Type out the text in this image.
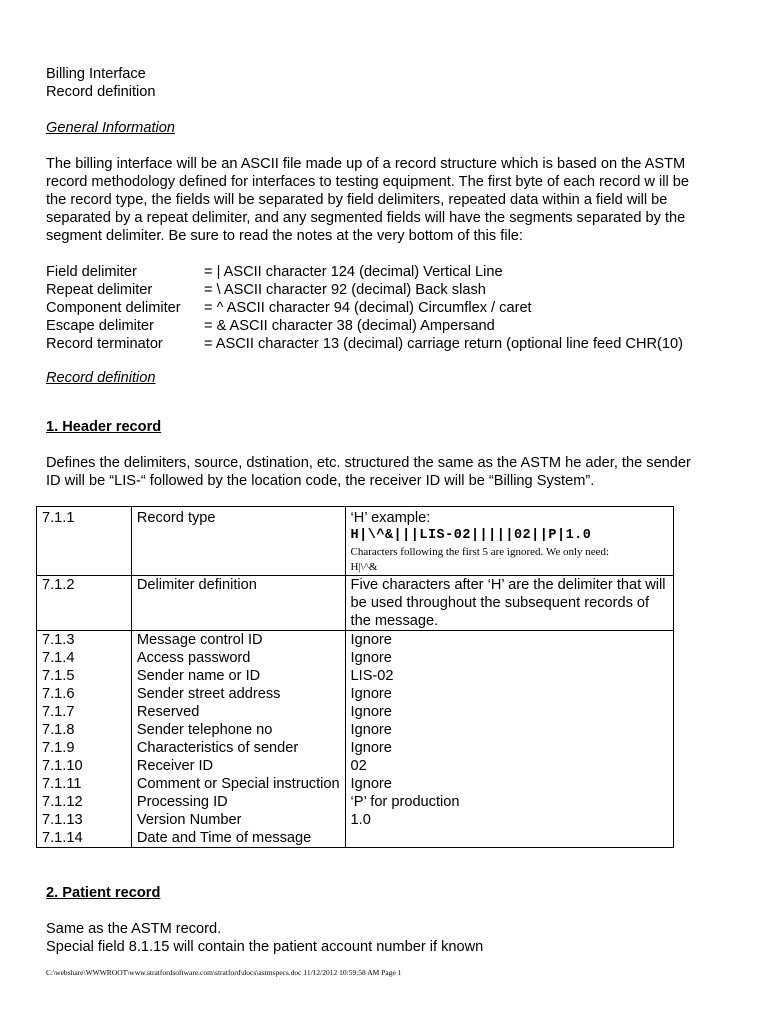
Billing Interface
Record definition
General Information
The billing interface will be an ASCII file made up of a record structure which is based on the ASTM
record methodology defined for interfaces to testing equipment. The first byte of each record w ill be
the record type, the fields will be separated by field delimiters, repeated data within a field will be
separated by a repeat delimiter, and any segmented fields will have the segments separated by the
segment delimiter. Be sure to read the notes at the very bottom of this file:
Field delimiter	= | ASCII character 124 (decimal) Vertical Line
Repeat delimiter	= \ ASCII character 92 (decimal) Back slash
Component delimiter	= ^ ASCII character 94 (decimal) Circumflex / caret
Escape delimiter	= & ASCII character 38 (decimal) Ampersand
Record terminator	= ASCII character 13 (decimal) carriage return (optional line feed CHR(10)
Record definition
1. Header record
Defines the delimiters, source, dstination, etc. structured the same as the ASTM he ader, the sender
ID will be “LIS-“ followed by the location code, the receiver ID will be “Billing System”.
7.1.1	Record type	‘H’ example:
H|\^&|||LIS-02|||||02||P|1.0
Characters following the first 5 are ignored. We only need:
H|\^&

7.1.2	Delimiter definition	Five characters after ‘H’ are the delimiter that will be used throughout the subsequent records of the message.
7.1.3	Message control ID	Ignore
7.1.4	Access password	Ignore
7.1.5	Sender name or ID	LIS-02
7.1.6	Sender street address	Ignore
7.1.7	Reserved	Ignore
7.1.8	Sender telephone no	Ignore
7.1.9	Characteristics of sender	Ignore
7.1.10	Receiver ID	02
7.1.11	Comment or Special instruction	Ignore
7.1.12	Processing ID	‘P’ for production
7.1.13	Version Number	1.0
7.1.14	Date and Time of message	
2. Patient record
Same as the ASTM record.
Special field 8.1.15 will contain the patient account number if known
C:\webshare\WWWROOT\www.stratfordsoftware.com\stratford\docs\astmspecs.doc 11/12/2012 10:59:58 AM Page 1
